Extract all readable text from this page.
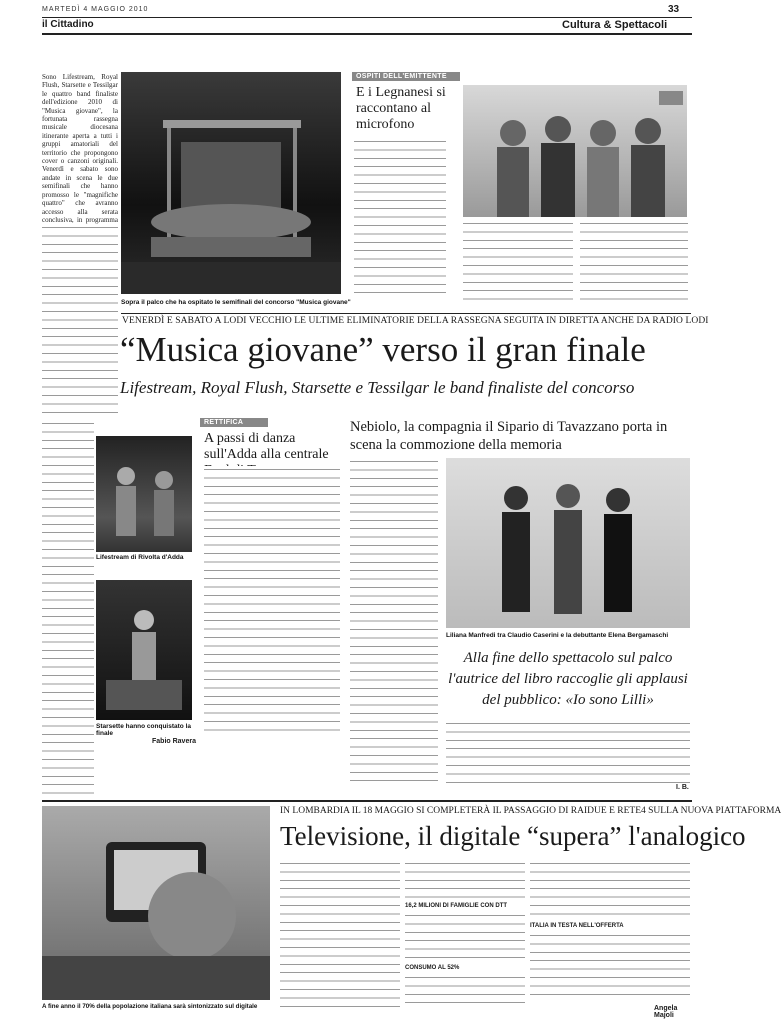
MARTEDÌ 4 MAGGIO 2010	33
il Cittadino	Cultura & Spettacoli
Sono Lifestream, Royal Flush, Starsette e Tessilgar le quattro band finaliste dell'edizione 2010 di "Musica giovane", la fortunata rassegna musicale diocesana itinerante aperta a tutti i gruppi amatoriali del territorio che propongono cover o canzoni originali. Venerdì e sabato sono andate in scena le due semifinali che hanno promosso le "magnifiche quattro" che avranno accesso alla serata conclusiva, in programma
Sopra il palco che ha ospitato le semifinali del concorso "Musica giovane"
OSPITI DELL'EMITTENTE
E i Legnanesi si raccontano al microfono
VENERDÌ E SABATO A LODI VECCHIO LE ULTIME ELIMINATORIE DELLA RASSEGNA SEGUITA IN DIRETTA ANCHE DA RADIO LODI
“Musica giovane” verso il gran finale
Lifestream, Royal Flush, Starsette e Tessilgar le band finaliste del concorso
Lifestream di Rivolta d'Adda
Starsette hanno conquistato la finale
Fabio Ravera
RETTIFICA
A passi di danza sull'Adda alla centrale
Nebiolo, la compagnia il Sipario di Tavazzano porta in scena la commozione della memoria
Liliana Manfredi tra Claudio Caserini e la debuttante Elena Bergamaschi
Alla fine dello spettacolo sul palco l'autrice del libro raccoglie gli applausi del pubblico: «Io sono Lilli»
I. B.
A fine anno il 70% della popolazione italiana sarà sintonizzato sul digitale
IN LOMBARDIA IL 18 MAGGIO SI COMPLETERÀ IL PASSAGGIO DI RAIDUE E RETE4 SULLA NUOVA PIATTAFORMA
Televisione, il digitale “supera” l'analogico
16,2 MILIONI DI FAMIGLIE CON DTT
CONSUMO AL 52%
ITALIA IN TESTA NELL'OFFERTA
Angela Majoli
